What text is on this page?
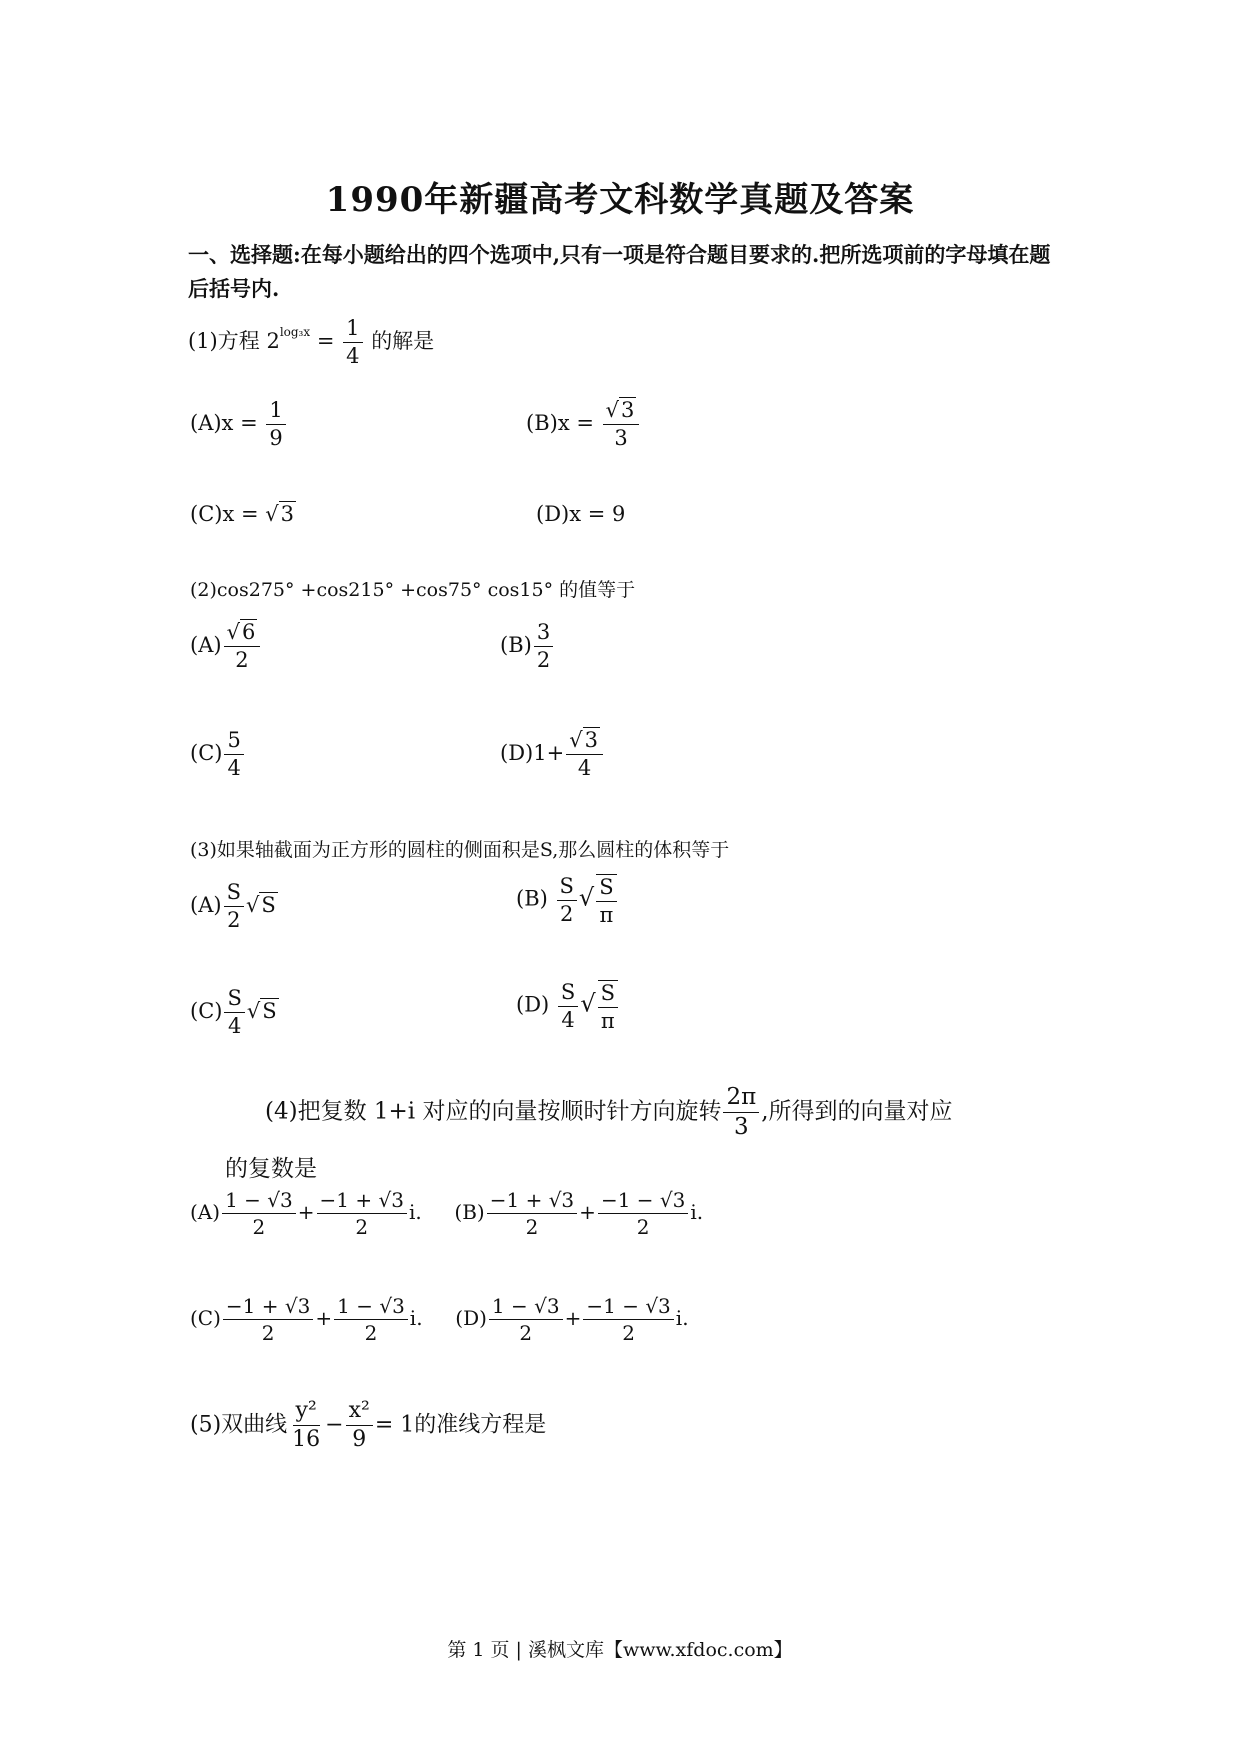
1990年新疆高考文科数学真题及答案
一、选择题:在每小题给出的四个选项中,只有一项是符合题目要求的.把所选项前的字母填在题后括号内.
(1)方程 $2^{log_3x} = \frac{1}{4}$ 的解是
$(A)x = \frac{1}{9}$	$(B)x = \frac{√3}{3}$
(C)x = √3	(D)x = 9
(2)cos275° +cos215° +cos75° cos15° 的值等于
$(A) \frac{√6}{2}$	$(B) \frac{3}{2}$
$(C) \frac{5}{4}$	$(D)1+ \frac{√3}{4}$
(3)如果轴截面为正方形的圆柱的侧面积是S,那么圆柱的体积等于
$(A) \frac{S}{2} √S$	$(B) \frac{S}{2}$ √ $\frac{S}{\pi}$
$(C) \frac{S}{4} √S$	$(D) \frac{S}{4}$ √ $\frac{S}{\pi}$
(4)把复数 1+i 对应的向量按顺时针方向旋转 $\frac{2\pi}{3}$ ,所得到的向量对应
的复数是
$(A) \frac{1 - √3}{2} + \frac{-1 + √3}{2} i$. $(B) \frac{-1 + √3}{2} + \frac{-1 - √3}{2} i$.
$(C) \frac{-1 + √3}{2} + \frac{1 - √3}{2} i$. $(D) \frac{1 - √3}{2} + \frac{-1 - √3}{2} i$.
(5)双曲线 $\frac{\text{y²}}{16} - \frac{\text{x²}}{9} = 1$的准线方程是
第 1 页 | 溪枫文库【www.xfdoc.com】
